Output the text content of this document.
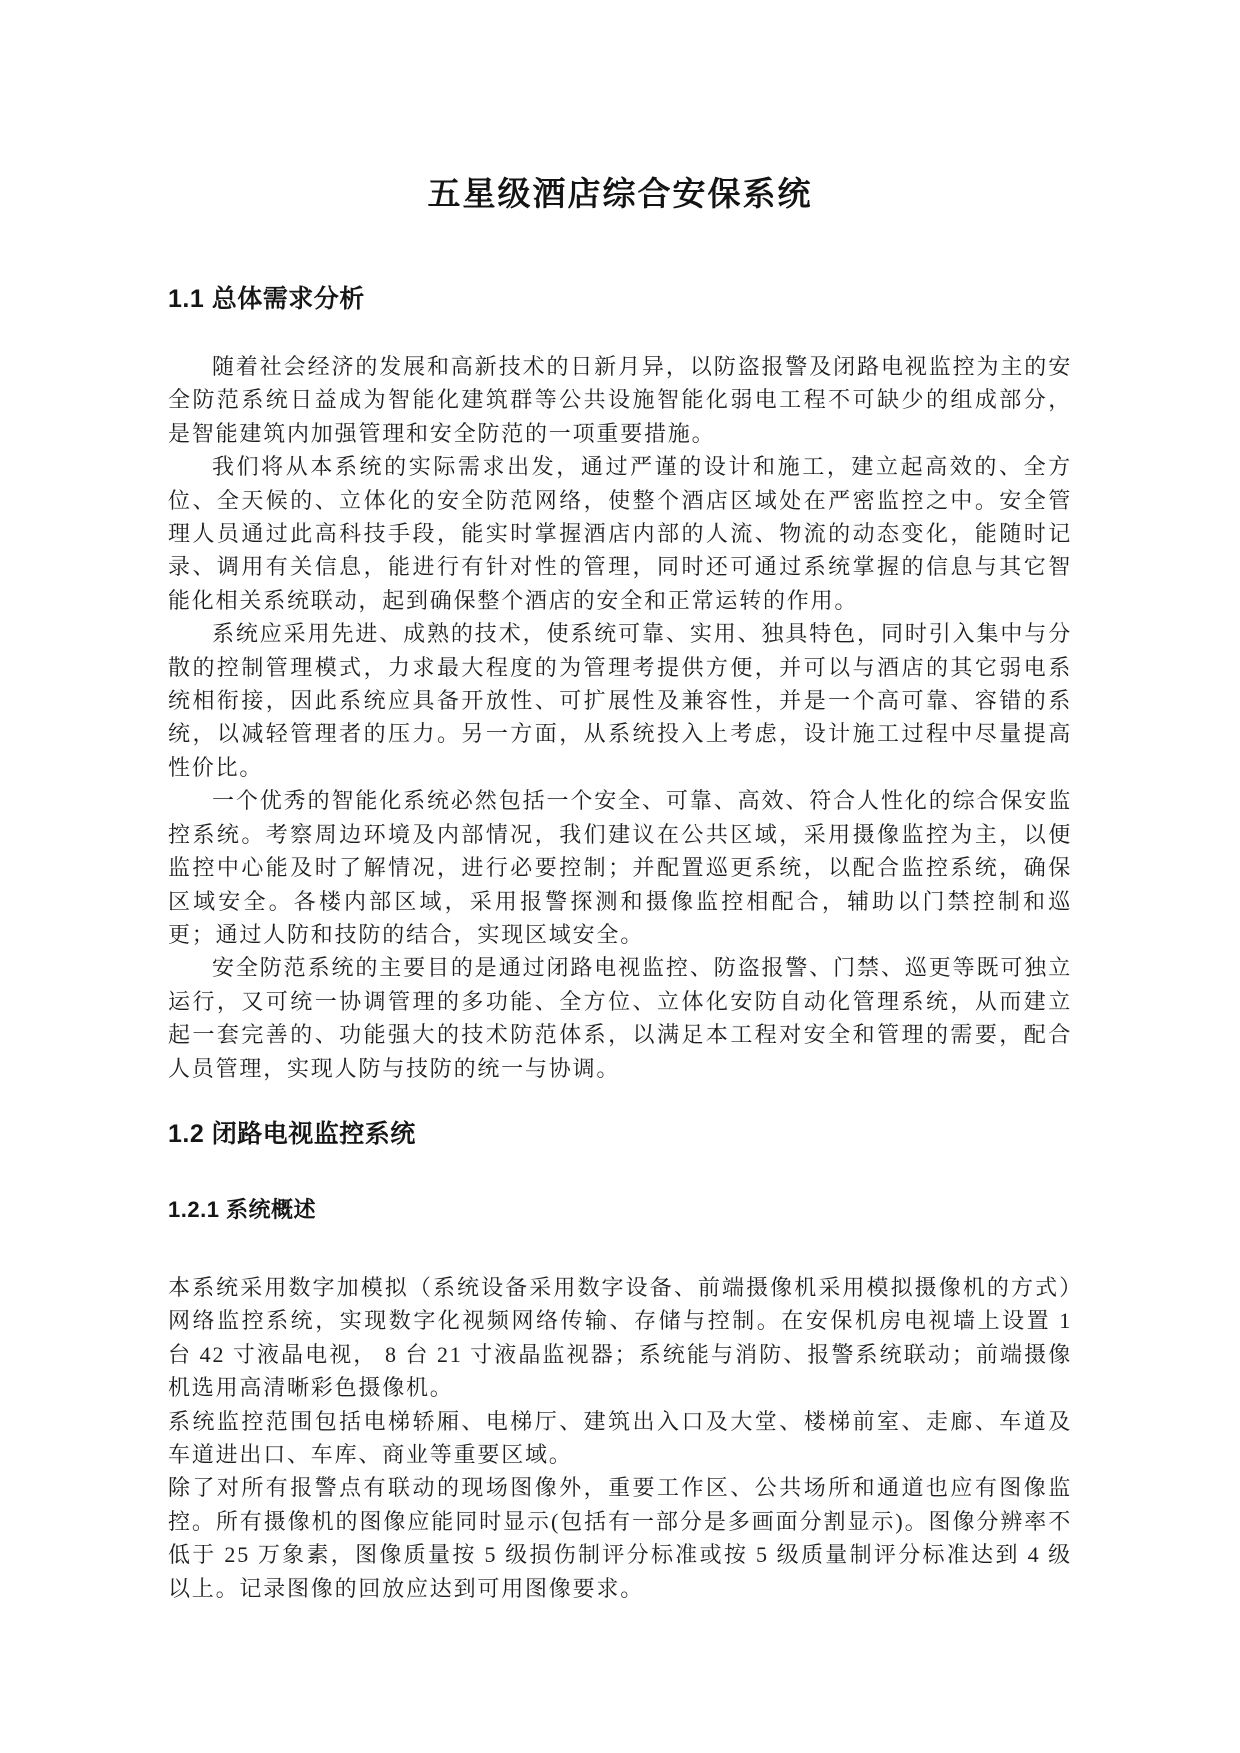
五星级酒店综合安保系统
1.1 总体需求分析

随着社会经济的发展和高新技术的日新月异，以防盗报警及闭路电视监控为主的安全防范系统日益成为智能化建筑群等公共设施智能化弱电工程不可缺少的组成部分，是智能建筑内加强管理和安全防范的一项重要措施。

我们将从本系统的实际需求出发，通过严谨的设计和施工，建立起高效的、全方位、全天候的、立体化的安全防范网络，使整个酒店区域处在严密监控之中。安全管理人员通过此高科技手段，能实时掌握酒店内部的人流、物流的动态变化，能随时记录、调用有关信息，能进行有针对性的管理，同时还可通过系统掌握的信息与其它智能化相关系统联动，起到确保整个酒店的安全和正常运转的作用。

系统应采用先进、成熟的技术，使系统可靠、实用、独具特色，同时引入集中与分散的控制管理模式，力求最大程度的为管理考提供方便，并可以与酒店的其它弱电系统相衔接，因此系统应具备开放性、可扩展性及兼容性，并是一个高可靠、容错的系统，以减轻管理者的压力。另一方面，从系统投入上考虑，设计施工过程中尽量提高性价比。

一个优秀的智能化系统必然包括一个安全、可靠、高效、符合人性化的综合保安监控系统。考察周边环境及内部情况，我们建议在公共区域，采用摄像监控为主，以便监控中心能及时了解情况，进行必要控制；并配置巡更系统，以配合监控系统，确保区域安全。各楼内部区域，采用报警探测和摄像监控相配合，辅助以门禁控制和巡更；通过人防和技防的结合，实现区域安全。

安全防范系统的主要目的是通过闭路电视监控、防盗报警、门禁、巡更等既可独立运行，又可统一协调管理的多功能、全方位、立体化安防自动化管理系统，从而建立起一套完善的、功能强大的技术防范体系，以满足本工程对安全和管理的需要，配合人员管理，实现人防与技防的统一与协调。

1.2 闭路电视监控系统
1.2.1 系统概述

本系统采用数字加模拟（系统设备采用数字设备、前端摄像机采用模拟摄像机的方式）网络监控系统，实现数字化视频网络传输、存储与控制。在安保机房电视墙上设置 1 台 42 寸液晶电视， 8 台 21 寸液晶监视器；系统能与消防、报警系统联动；前端摄像机选用高清晰彩色摄像机。

系统监控范围包括电梯轿厢、电梯厅、建筑出入口及大堂、楼梯前室、走廊、车道及车道进出口、车库、商业等重要区域。

除了对所有报警点有联动的现场图像外，重要工作区、公共场所和通道也应有图像监控。所有摄像机的图像应能同时显示(包括有一部分是多画面分割显示)。图像分辨率不低于 25 万象素，图像质量按 5 级损伤制评分标准或按 5 级质量制评分标准达到 4 级以上。记录图像的回放应达到可用图像要求。
